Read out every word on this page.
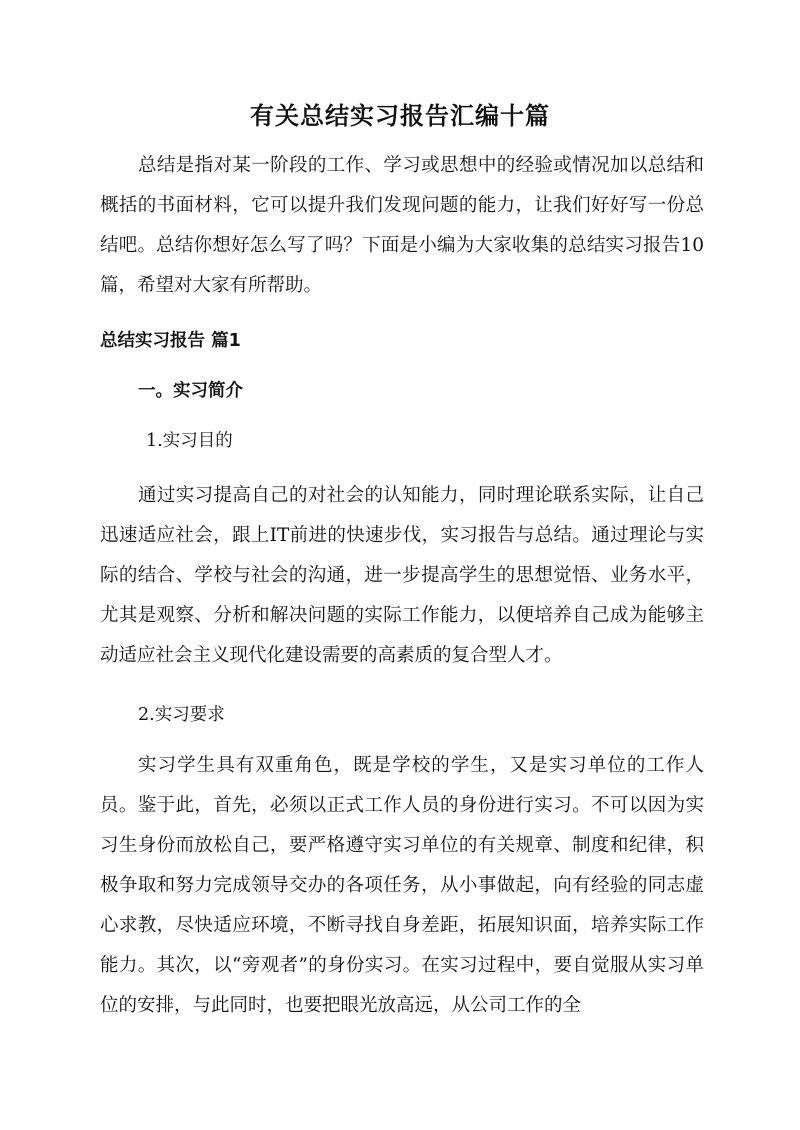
有关总结实习报告汇编十篇

总结是指对某一阶段的工作、学习或思想中的经验或情况加以总结和概括的书面材料，它可以提升我们发现问题的能力，让我们好好写一份总结吧。总结你想好怎么写了吗？下面是小编为大家收集的总结实习报告10篇，希望对大家有所帮助。

总结实习报告 篇1

一。实习简介

1.实习目的

通过实习提高自己的对社会的认知能力，同时理论联系实际，让自己迅速适应社会，跟上IT前进的快速步伐，实习报告与总结。通过理论与实际的结合、学校与社会的沟通，进一步提高学生的思想觉悟、业务水平，尤其是观察、分析和解决问题的实际工作能力，以便培养自己成为能够主动适应社会主义现代化建设需要的高素质的复合型人才。

2.实习要求

实习学生具有双重角色，既是学校的学生，又是实习单位的工作人员。鉴于此，首先，必须以正式工作人员的身份进行实习。不可以因为实习生身份而放松自己，要严格遵守实习单位的有关规章、制度和纪律，积极争取和努力完成领导交办的各项任务，从小事做起，向有经验的同志虚心求教，尽快适应环境，不断寻找自身差距，拓展知识面，培养实际工作能力。其次，以“旁观者”的身份实习。在实习过程中，要自觉服从实习单位的安排，与此同时，也要把眼光放高远，从公司工作的全
